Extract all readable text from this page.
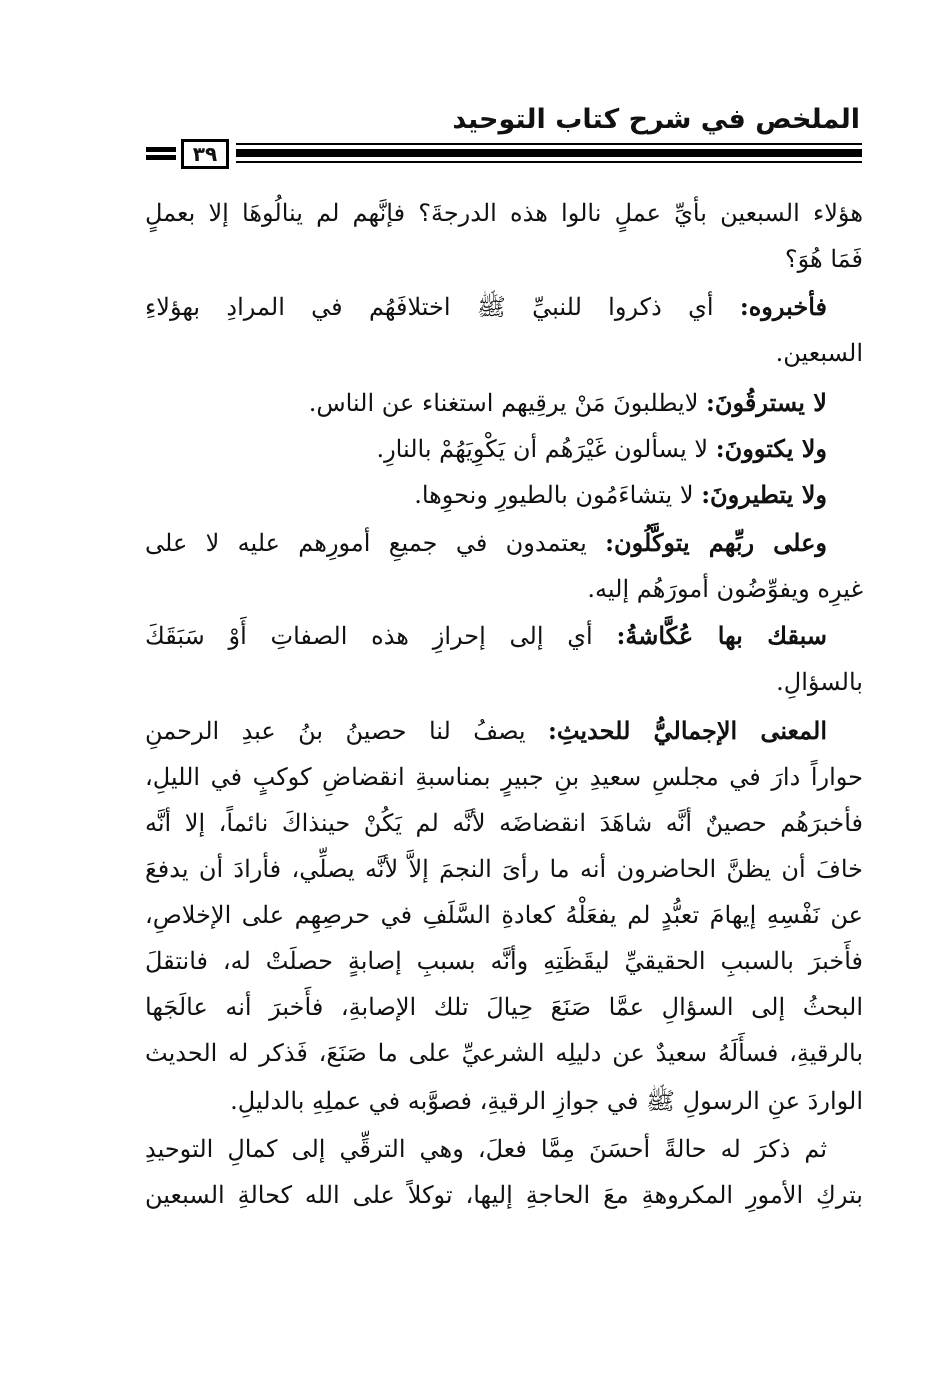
الملخص في شرح كتاب التوحيد
٣٩
هؤلاء السبعين بأيِّ عملٍ نالوا هذه الدرجةَ؟ فإنَّهم لم ينالُوهَا إلا بعملٍ
فَمَا هُوَ؟
فأخبروه: أي ذكروا للنبيِّ ﷺ اختلافَهُم في المرادِ بهؤلاءِ
السبعين.
لا يسترقُونَ: لايطلبونَ مَنْ يرقِيهم استغناء عن الناس.
ولا يكتوونَ: لا يسألون غَيْرَهُم أن يَكْوِيَهُمْ بالنارِ.
ولا يتطيرونَ: لا يتشاءَمُون بالطيورِ ونحوِها.
وعلى ربِّهم يتوكَّلُون: يعتمدون في جميعِ أمورِهم عليه لا على
غيرِه ويفوِّضُون أمورَهُم إليه.
سبقك بها عُكَّاشةُ: أي إلى إحرازِ هذه الصفاتِ أَوْ سَبَقَكَ
بالسؤالِ.
المعنى الإجماليُّ للحديثِ: يصفُ لنا حصينُ بنُ عبدِ الرحمنِ
حواراً دارَ في مجلسِ سعيدِ بنِ جبيرٍ بمناسبةِ انقضاضِ كوكبٍ في الليلِ،
فأخبرَهُم حصينٌ أنَّه شاهَدَ انقضاضَه لأنَّه لم يَكُنْ حينذاكَ نائماً، إلا أنَّه
خافَ أن يظنَّ الحاضرون أنه ما رأىَ النجمَ إلاَّ لأنَّه يصلِّي، فأرادَ أن يدفعَ
عن نَفْسِهِ إيهامَ تعبُّدٍ لم يفعَلْهُ كعادةِ السَّلَفِ في حرصِهِم على الإخلاصِ،
فأَخبرَ بالسببِ الحقيقيِّ ليقَظَتِهِ وأنَّه بسببِ إصابةٍ حصلَتْ له، فانتقلَ
البحثُ إلى السؤالِ عمَّا صَنَعَ حِيالَ تلك الإصابةِ، فأَخبرَ أنه عالَجَها
بالرقيةِ، فسأَلَهُ سعيدٌ عن دليلِه الشرعيِّ على ما صَنَعَ، فَذكر له الحديث
الواردَ عنِ الرسولِ ﷺ في جوازِ الرقيةِ، فصوَّبه في عملِهِ بالدليلِ.
ثم ذكرَ له حالةً أحسَنَ مِمَّا فعلَ، وهي الترقِّي إلى كمالِ التوحيدِ
بتركِ الأمورِ المكروهةِ معَ الحاجةِ إليها، توكلاً على الله كحالةِ السبعين
